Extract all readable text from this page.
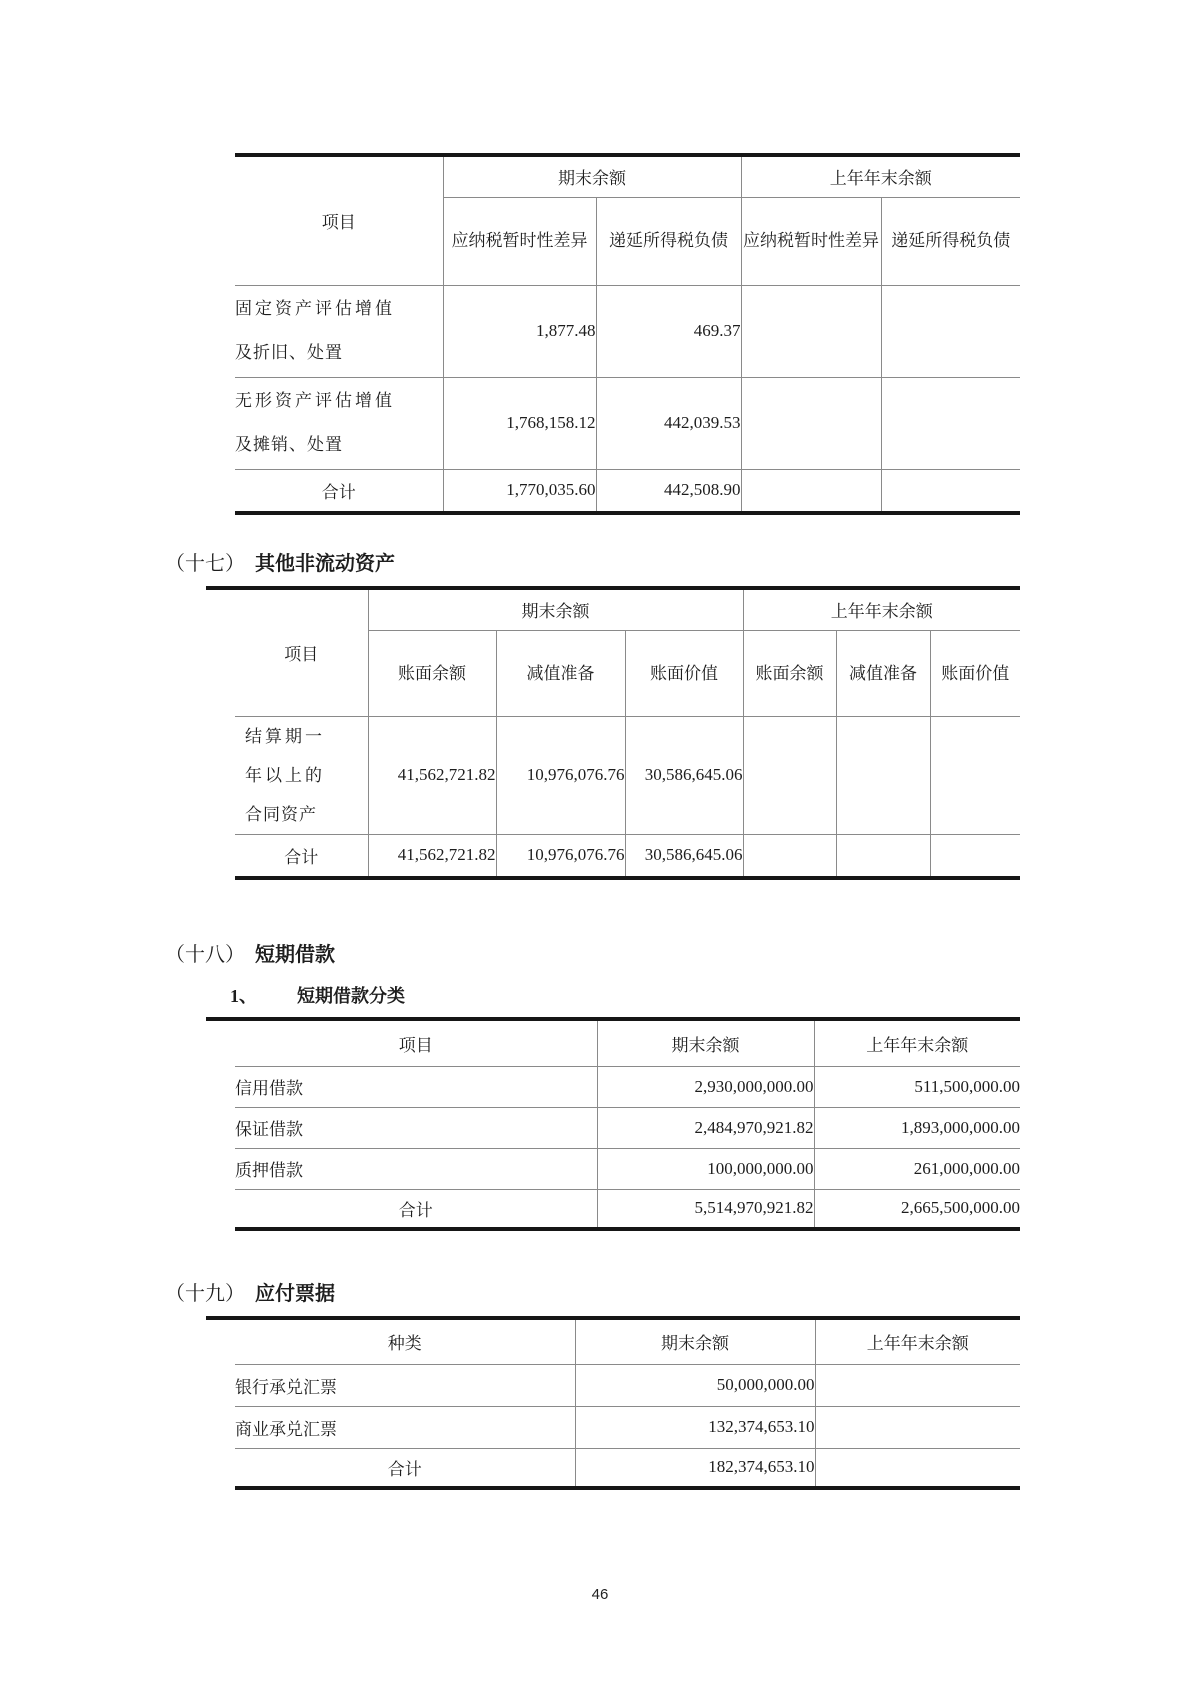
项目	期末余额		上年年末余额	
	应纳税暂时性差异	递延所得税负债	应纳税暂时性差异	递延所得税负债

固定资产评估增值及折旧、处置	1,877.48	469.37		

无形资产评估增值及摊销、处置	1,768,158.12	442,039.53		
合计	1,770,035.60	442,508.90		
（十七） 其他非流动资产
项目	期末余额			上年年末余额		
	账面余额	减值准备	账面价值	账面余额	减值准备	账面价值

结算期一年以上的合同资产	41,562,721.82	10,976,076.76	30,586,645.06			
合计	41,562,721.82	10,976,076.76	30,586,645.06			
（十八） 短期借款
1、 短期借款分类
项目	期末余额	上年年末余额
信用借款	2,930,000,000.00	511,500,000.00
保证借款	2,484,970,921.82	1,893,000,000.00
质押借款	100,000,000.00	261,000,000.00
合计	5,514,970,921.82	2,665,500,000.00
（十九） 应付票据
种类	期末余额	上年年末余额
银行承兑汇票	50,000,000.00	
商业承兑汇票	132,374,653.10	
合计	182,374,653.10	
46
